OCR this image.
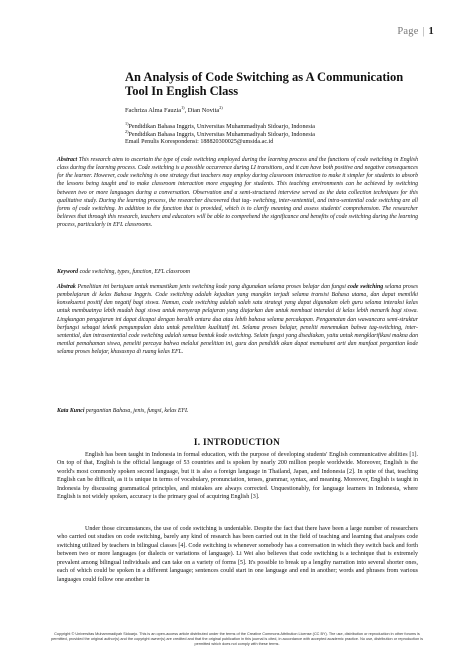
Page | 1
An Analysis of Code Switching as A Communication Tool In English Class
Fachriza Alma Fauzia$^{1)}$, Dian Novita$^{2)}$
$^{1)}$Pendidikan Bahasa Inggris, Universitas Muhammadiyah Sidoarjo, Indonesia
$^{2)}$Pendidikan Bahasa Inggris, Universitas Muhammadiyah Sidoarjo, Indonesia
Email Penulis Korespondensi: 188820300025@umsida.ac.id
Abstract This research aims to ascertain the type of code switching employed during the learning process and the functions of code switching in English class during the learning process. Code switching is a possible occurrence during LI transitions, and it can have both positive and negative consequences for the learner. However, code switching is one strategy that teachers may employ during classroom interaction to make it simpler for students to absorb the lessons being taught and to make classroom interaction more engaging for students. This teaching environments can be achieved by switching between two or more languages during a conversation. Observation and a semi-structured interview served as the data collection techniques for this qualitative study. During the learning process, the researcher discovered that tag- switching, inter-sentential, and intra-sentential code switching are all forms of code switching. In addition to the function that is provided, which is to clarify meaning and assess students' comprehension. The researcher believes that through this research, teachers and educators will be able to comprehend the significance and benefits of code switching during the learning process, particularly in EFL classrooms.
Keyword code switching, types, function, EFL classroom
Abstrak Penelitian ini bertujuan untuk memastikan jenis switching kode yang digunakan selama proses belajar dan fungsi code switching selama proses pembelajaran di kelas Bahasa Inggris. Code switching adalah kejadian yang mungkin terjadi selama transisi Bahasa utama, dan dapat memiliki konsekuensi positif dan negatif bagi siswa. Namun, code switching adalah salah satu strategi yang dapat digunakan oleh guru selama interaksi kelas untuk membuatnya lebih mudah bagi siswa untuk menyerap pelajaran yang diajarkan dan untuk membuat interaksi di kelas lebih menarik bagi siswa. Lingkungan pengajaran ini dapat dicapai dengan beralih antara dua atau lebih bahasa selama percakapan. Pengamatan dan wawancara semi-struktur berfungsi sebagai teknik pengumpulan data untuk penelitian kualitatif ini. Selama proses belajar, peneliti menemukan bahwa tag-switching, inter-sentential, dan intrasentential code switching adalah semua bentuk kode switching. Selain fungsi yang disediakan, yaitu untuk mengklarifikasi makna dan menilai pemahaman siswa, peneliti percaya bahwa melalui penelitian ini, guru dan pendidik akan dapat memahami arti dan manfaat pergantian kode selama proses belajar, khususnya di ruang kelas EFL.
Kata Kunci pergantian Bahasa, jenis, fungsi, kelas EFL
I. INTRODUCTION
English has been taught in Indonesia in formal education, with the purpose of developing students' English communicative abilities [1]. On top of that, English is the official language of 53 countries and is spoken by nearly 200 million people worldwide. Moreover, English is the world's most commonly spoken second language, but it is also a foreign language in Thailand, Japan, and Indonesia [2]. In spite of that, teaching English can be difficult, as it is unique in terms of vocabulary, pronunciation, tenses, grammar, syntax, and meaning. Moreover, English is taught in Indonesia by discussing grammatical principles, and mistakes are always corrected. Unquestionably, for language learners in Indonesia, where English is not widely spoken, accuracy is the primary goal of acquiring English [3].
Under those circumstances, the use of code switching is undeniable. Despite the fact that there have been a large number of researchers who carried out studies on code switching, barely any kind of research has been carried out in the field of teaching and learning that analyses code switching utilized by teachers in bilingual classes [4]. Code switching is whenever somebody has a conversation in which they switch back and forth between two or more languages (or dialects or variations of language). Li Wei also believes that code switching is a technique that is extremely prevalent among bilingual individuals and can take on a variety of forms [5]. It's possible to break up a lengthy narration into several shorter ones, each of which could be spoken in a different language; sentences could start in one language and end in another; words and phrases from various languages could follow one another in
Copyright © Universitas Muhammadiyah Sidoarjo. This is an open-access article distributed under the terms of the Creative Commons Attribution License (CC BY). The use, distribution or reproduction in other forums is permitted, provided the original author(s) and the copyright owner(s) are credited and that the original publication in this journal is cited, in accordance with accepted academic practice. No use, distribution or reproduction is permitted which does not comply with these terms.
